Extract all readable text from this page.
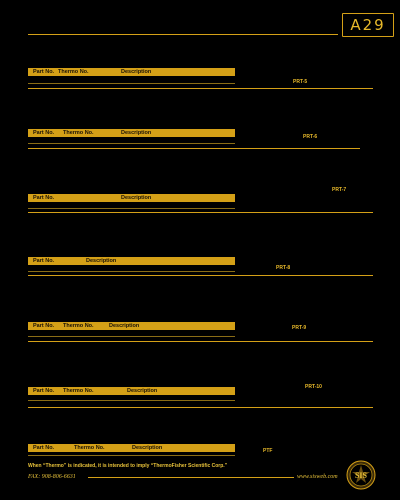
A29
Part No. Thermo No.	Description
PRT-5
Part No. Thermo No.	Description
PRT-6
Part No.	Description
PRT-7
Part No.	Description
PRT-8
Part No. Thermo No.	Description	PRT-9
Part No. Thermo No.	Description
PRT-10
Part No.	Thermo No.	Description	PTF
When “Thermo” is indicated, it is intended to imply “ThermoFisher Scientific Corp.”
FAX: 908-806-6631	www.sisweb.com SIS
